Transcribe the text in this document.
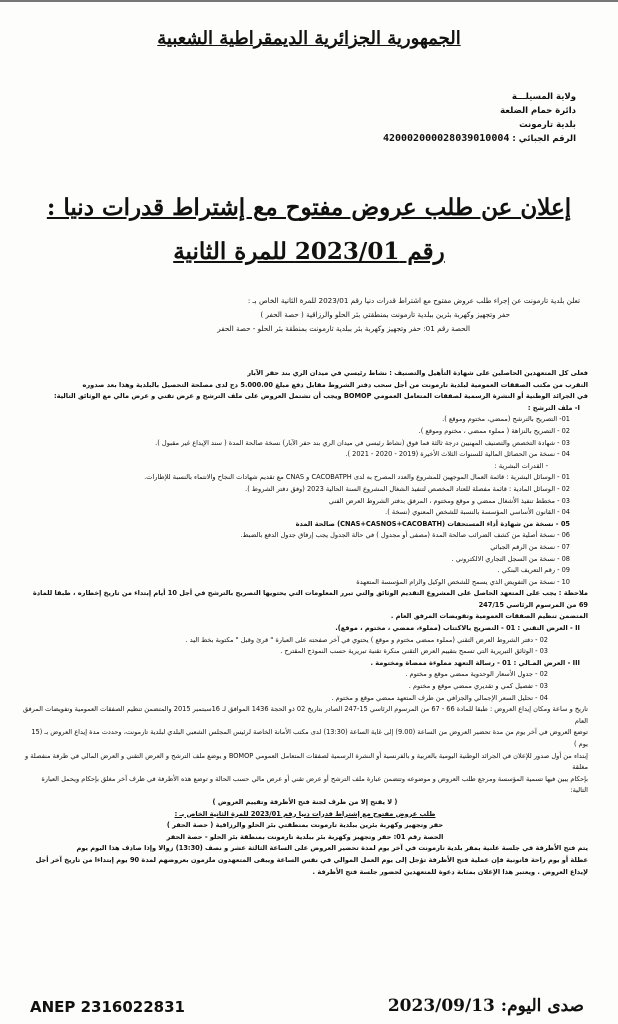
الجمهورية الجزائرية الديمقراطية الشعبية
ولاية المسيلـــة
دائرة حمام الضلعة
بلدية تارمونت
الرقم الجبائي : 420002000028039010004
إعلان عن طلب عروض مفتوح مع إشتراط قدرات دنيا :
رقم 2023/01 للمرة الثانية

تعلن بلدية تارمونت عن إجراء طلب عروض مفتوح مع اشتراط قدرات دنيا رقم 2023/01 للمرة الثانية الخاص بـ :

حفر وتجهيز وكهربة بئرين ببلدية تارمونت بمنطقتي بئر الحلو والرزاقية ( حصة الحفر )

الحصة رقم 01: حفر وتجهيز وكهربة بئر ببلدية تارمونت بمنطقة بئر الحلو - حصة الحفر

فعلى كل المتعهدين الحاصلين على شهادة التأهيل والتصنيف : نشاط رئيسي في ميدان الري بند حفر الآبار

التقرب من مكتب الصفقات العمومية لبلدية تارمونت من أجل سحب دفتر الشروط مقابل دفع مبلغ 5.000.00 دج لدى مصلحة التحصيل بالبلدية وهذا بعد صدوره

في الجرائد الوطنية أو النشرة الرسمية لصفقات المتعامل العمومي BOMOP ويجب أن تشتمل العروض على ملف الترشح و عرض تقني و عرض مالي مع الوثائق التالية:

I- ملف الترشح :

01- التصريح بالترشح (ممضي، مختوم وموقع ).

02 - التصريح بالنزاهة ( مملوء ممضي ، مختوم وموقع ).

03 - شهادة التخصص والتصنيف المهنيين درجة ثالثة فما فوق (نشاط رئيسي في ميدان الري بند حفر الآبار) نسخة صالحة المدة ( سند الإيداع غير مقبول ).

04 - نسخة من الحصائل المالية للسنوات الثلاث الأخيرة (2019 - 2020 - 2021 ).

- القدرات البشرية :

01 - الوسائل البشرية : قائمة العمال الموجهين للمشروع والعدد المصرح به لدى CACOBATPH و CNAS مع تقديم شهادات النجاح والانتماء بالنسبة للإطارات.

02 - الوسائل المادية : قائمة مفصلة للعتاد المخصص لتنفيذ الشغال المشروع السنة الحالية 2023 (وفق دفتر الشروط ).

03 - مخطط تنفيذ الأشغال ممضي و موقع ومختوم ، المرفق بدفتر الشروط العرض الفني

04 - القانون الأساسي المؤسسة بالنسبة للشخص المعنوي (نسخة ).

05 - نسخة من شهادة أداء المستحقات (CNAS+CASNOS+CACOBATH) صالحة المدة

06 - نسخة أصلية من كشف الضرائب صالحة المدة (مصفى أو مجدول ) في حالة الجدول يجب إرفاق جدول الدفع بالضبط.

07 - نسخة من الرقم الجبائي

08 - نسخة من السجل التجاري الالكتروني .

09 - رقم التعريف البنكي .

10 - نسخة من التفويض الذي يسمح للشخص الوكيل والزام المؤسسة المتعهدة

ملاحظة : يجب على المتعهد الحاصل على المشروع التقديم الوثائق والتي تبرر المعلومات التي يحتويها التصريح بالترشح في أجل 10 أيام إبتداء من تاريخ إخطاره ، طبقا للمادة 69 من المرسوم الرئاسي 247/15

المتضمن تنظيم الصفقات العمومية وتفويضات المرفق العام .

II - العرض التقني : 01 - التصريح بالاكتتاب (مملوء، ممضي ، مختوم ، موقع).

02 - دفتر الشروط العرض التقني (مملوء ممضي مختوم و موقع ) يحتوي في آخر صفحته على العبارة " قرئ وقبل " مكتوبة بخط اليد .

03 - الوثائق التبريرية التي تسمح بتقييم العرض التقني منكرة تقنية تبريرية حسب النموذج المقترح .

III - العرض المـالي : 01 - رسالة التعهد مملوءة ممضاة ومختومة .

02 - جدول الأسعار الوحدوية ممضي موقع و مختوم .

03 - تفصيل كمي و تقديري ممضي موقع و مختوم .

04 - تحليل السعر الإجمالي والجزافي من طرف المتعهد ممضي موقع و مختوم .

تاريخ و ساعة ومكان إيداع العروض : طبقا للمادة 66 - 67 من المرسوم الرئاسي 15-247 الصادر بتاريخ 02 ذو الحجة 1436 الموافق لـ 16سبتمبر 2015 والمتضمن تنظيم الصفقات العمومية وتفويضات المرفق العام

توضع العروض في آخر يوم من مدة تحضير العروض من الساعة (9.00) إلى غاية الساعة (13:30) لدى مكتب الأمانة الخاصة لرئيس المجلس الشعبي البلدي لبلدية تارمونت، وحددت مدة إيداع العروض بـ (15 يوم )

إبتداء من أول صدور للإعلان في الجرائد الوطنية اليومية بالعربية و بالفرنسية أو النشرة الرسمية لصفقات المتعامل العمومي BOMOP و يوضع ملف الترشح و العرض التقني و العرض المالي في ظرفة منفصلة و مغلقة

بإحكام يبين فيها تسمية المؤسسة ومرجع طلب العروض و موضوعه وتتضمن عبارة ملف الترشح أو عرض تقني أو عرض مالي حسب الحالة و توضع هذه الأظرفة في ظرف آخر مغلق بإحكام ويحمل العبارة التالية:

( لا يفتح إلا من طرف لجنة فتح الأظرفة وتقييم العروض )

طلب عروض مفتوح مع إشتراط قدرات دنيا رقم 2023/01 للمرة الثانية الخاص بـ :

حفر وتجهيز وكهربة بئرين ببلدية تارمونت بمنطقتي بئر الحلو والرزاقية ( حصة الحفر )

الحصة رقم 01: حفر وتجهيز وكهربة بئر ببلدية تارمونت بمنطقة بئر الحلو - حصة الحفر

يتم فتح الأظرفة في جلسة علنية بمقر بلدية تارمونت في آخر يوم لمدة تحضير العروض على الساعة الثالثة عشر و نصف (13:30) زوالا وإذا صادف هذا اليوم يوم

عطلة أو يوم راحة قانونية فإن عملية فتح الأظرفة تؤجل إلى يوم العمل الموالي في نفس الساعة ويبقى المتعهدون ملزمون بعروضهم لمدة 90 يوم إبتداءا من تاريخ آخر أجل

لإيداع العروض . ويعتبر هذا الإعلان بمثابة دعوة للمتعهدين لحضور جلسة فتح الأظرفة .

ANEP 2316022831	صدى اليوم: 2023/09/13
